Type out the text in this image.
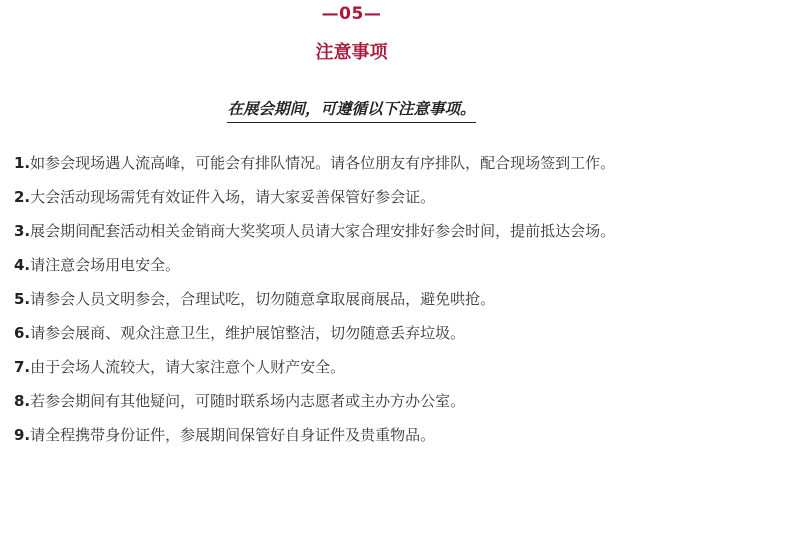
—05—
注意事项
在展会期间，可遵循以下注意事项。
1.如参会现场遇人流高峰，可能会有排队情况。请各位朋友有序排队，配合现场签到工作。
2.大会活动现场需凭有效证件入场，请大家妥善保管好参会证。
3.展会期间配套活动相关金销商大奖奖项人员请大家合理安排好参会时间，提前抵达会场。
4.请注意会场用电安全。
5.请参会人员文明参会，合理试吃，切勿随意拿取展商展品，避免哄抢。
6.请参会展商、观众注意卫生，维护展馆整洁，切勿随意丢弃垃圾。
7.由于会场人流较大，请大家注意个人财产安全。
8.若参会期间有其他疑问，可随时联系场内志愿者或主办方办公室。
9.请全程携带身份证件，参展期间保管好自身证件及贵重物品。
